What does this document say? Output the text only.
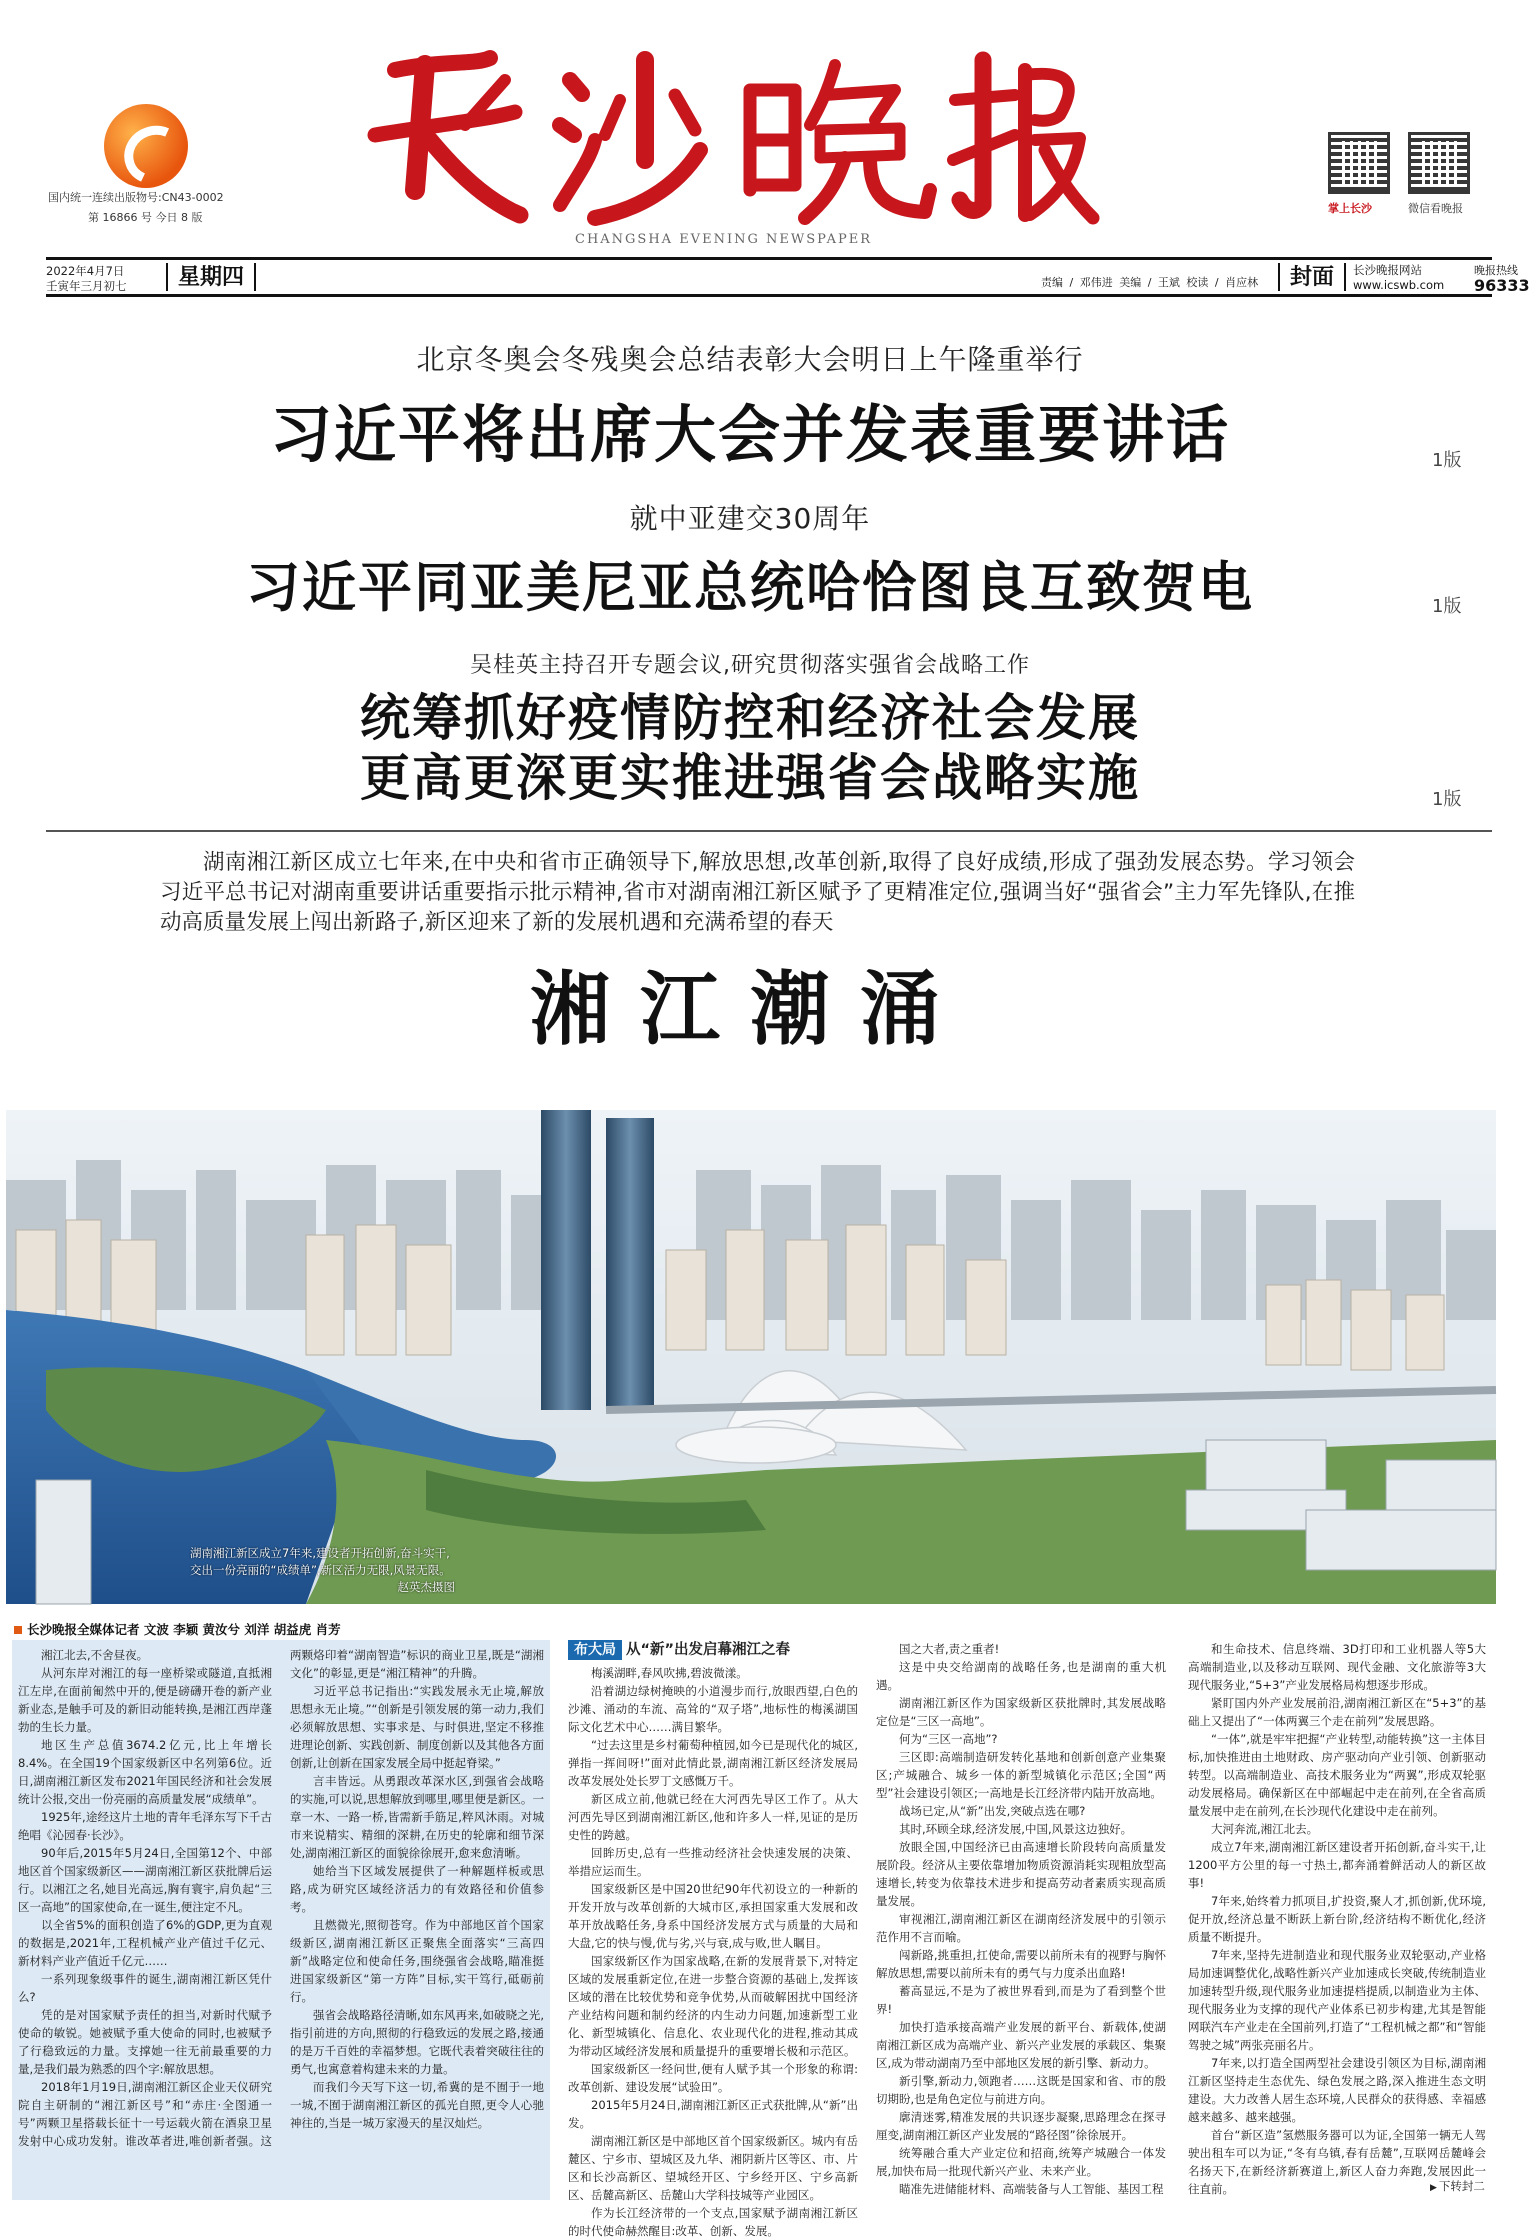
国内统一连续出版物号:CN43-0002
第 16866 号 今日 8 版
CHANGSHA EVENING NEWSPAPER
掌上长沙	微信看晚报
2022年4月7日
壬寅年三月初七	星期四	责编 / 邓伟进 美编 / 王斌 校读 / 肖应林	封面	长沙晚报网站
www.icswb.com
晚报热线
96333
北京冬奥会冬残奥会总结表彰大会明日上午隆重举行
习近平将出席大会并发表重要讲话	1版
就中亚建交30周年
习近平同亚美尼亚总统哈恰图良互致贺电	1版
吴桂英主持召开专题会议,研究贯彻落实强省会战略工作
统筹抓好疫情防控和经济社会发展
更高更深更实推进强省会战略实施	1版
湖南湘江新区成立七年来,在中央和省市正确领导下,解放思想,改革创新,取得了良好成绩,形成了强劲发展态势。学习领会习近平总书记对湖南重要讲话重要指示批示精神,省市对湖南湘江新区赋予了更精准定位,强调当好“强省会”主力军先锋队,在推动高质量发展上闯出新路子,新区迎来了新的发展机遇和充满希望的春天
湘江潮涌
湖南湘江新区成立7年来,建设者开拓创新,奋斗实干,交出一份亮丽的“成绩单”,新区活力无限,风景无限。
赵英杰摄图
长沙晚报全媒体记者 文波 李颖 黄汝兮 刘洋 胡益虎 肖芳

湘江北去,不舍昼夜。

从河东岸对湘江的每一座桥梁或隧道,直抵湘江左岸,在面前匍然中开的,便是磅礴开卷的新产业新业态,是触手可及的新旧动能转换,是湘江西岸蓬勃的生长力量。

地区生产总值3674.2亿元,比上年增长8.4%。在全国19个国家级新区中名列第6位。近日,湖南湘江新区发布2021年国民经济和社会发展统计公报,交出一份亮丽的高质量发展“成绩单”。

1925年,途经这片土地的青年毛泽东写下千古绝唱《沁园春·长沙》。

90年后,2015年5月24日,全国第12个、中部地区首个国家级新区——湖南湘江新区获批牌后运行。以湘江之名,她目光高远,胸有寰宇,肩负起“三区一高地”的国家使命,在一诞生,便注定不凡。

以全省5%的面积创造了6%的GDP,更为直观的数据是,2021年,工程机械产业产值过千亿元、新材料产业产值近千亿元……

一系列现象级事件的诞生,湖南湘江新区凭什么?

凭的是对国家赋予责任的担当,对新时代赋予使命的敏锐。她被赋予重大使命的同时,也被赋予了行稳致远的力量。支撑她一往无前最重要的力量,是我们最为熟悉的四个字:解放思想。

2018年1月19日,湖南湘江新区企业天仪研究院自主研制的“湘江新区号”和“赤庄·全图通一号”两颗卫星搭载长征十一号运载火箭在酒泉卫星发射中心成功发射。谁改革者进,唯创新者强。这两颗烙印着“湖南智造”标识的商业卫星,既是“湖湘文化”的彰显,更是“湘江精神”的升腾。

习近平总书记指出:“实践发展永无止境,解放思想永无止境。”“创新是引领发展的第一动力,我们必须解放思想、实事求是、与时俱进,坚定不移推进理论创新、实践创新、制度创新以及其他各方面创新,让创新在国家发展全局中挺起脊梁。”

言丰皆远。从勇跟改革深水区,到强省会战略的实施,可以说,思想解放到哪里,哪里便是新区。一章一木、一路一桥,皆需新手筋足,粹风沐雨。对城市来说精实、精细的深耕,在历史的轮廓和细节深处,湖南湘江新区的面貌徐徐展开,愈来愈清晰。

她给当下区域发展提供了一种解题样板或思路,成为研究区域经济活力的有效路径和价值参考。

且燃微光,照彻苍穹。作为中部地区首个国家级新区,湖南湘江新区正聚焦全面落实“三高四新”战略定位和使命任务,围绕强省会战略,瞄准挺进国家级新区“第一方阵”目标,实干笃行,砥砺前行。

强省会战略路径清晰,如东风再来,如破晓之光,指引前进的方向,照彻的行稳致远的发展之路,接通的是万千百姓的幸福梦想。它既代表着突破往往的勇气,也寓意着构建未来的力量。

而我们今天写下这一切,希冀的是不囿于一地一城,不囿于湖南湘江新区的孤光自照,更令人心驰神往的,当是一城万家漫天的星汉灿烂。

布大局 从“新”出发启幕湘江之春

梅溪湖畔,春风吹拂,碧波微漾。

沿着湖边绿树掩映的小道漫步而行,放眼西望,白色的沙滩、涌动的车流、高耸的“双子塔”,地标性的梅溪湖国际文化艺术中心……满目繁华。

“过去这里是乡村葡萄种植园,如今已是现代化的城区,弹指一挥间呀!”面对此情此景,湖南湘江新区经济发展局改革发展处处长罗丁文感慨万千。

新区成立前,他就已经在大河西先导区工作了。从大河西先导区到湖南湘江新区,他和许多人一样,见证的是历史性的跨越。

回眸历史,总有一些推动经济社会快速发展的决策、举措应运而生。

国家级新区是中国20世纪90年代初设立的一种新的开发开放与改革创新的大城市区,承担国家重大发展和改革开放战略任务,身系中国经济发展方式与质量的大局和大盘,它的快与慢,优与劣,兴与衰,成与败,世人瞩目。

国家级新区作为国家战略,在新的发展背景下,对特定区域的发展重新定位,在进一步整合资源的基础上,发挥该区域的潜在比较优势和竞争优势,从而破解困扰中国经济产业结构问题和制约经济的内生动力问题,加速新型工业化、新型城镇化、信息化、农业现代化的进程,推动其成为带动区域经济发展和质量提升的重要增长极和示范区。

国家级新区一经问世,便有人赋予其一个形象的称谓:改革创新、建设发展“试验田”。

2015年5月24日,湖南湘江新区正式获批牌,从“新”出发。

湖南湘江新区是中部地区首个国家级新区。城内有岳麓区、宁乡市、望城区及九华、湘阴新片区等区、市、片区和长沙高新区、望城经开区、宁乡经开区、宁乡高新区、岳麓高新区、岳麓山大学科技城等产业园区。

作为长江经济带的一个支点,国家赋予湖南湘江新区的时代使命赫然醒目:改革、创新、发展。

国之大者,责之重者!

这是中央交给湖南的战略任务,也是湖南的重大机遇。

湖南湘江新区作为国家级新区获批牌时,其发展战略定位是“三区一高地”。

何为“三区一高地”?

三区即:高端制造研发转化基地和创新创意产业集聚区;产城融合、城乡一体的新型城镇化示范区;全国“两型”社会建设引领区;一高地是长江经济带内陆开放高地。

战场已定,从“新”出发,突破点选在哪?

其时,环顾全球,经济发展,中国,风景这边独好。

放眼全国,中国经济已由高速增长阶段转向高质量发展阶段。经济从主要依靠增加物质资源消耗实现粗放型高速增长,转变为依靠技术进步和提高劳动者素质实现高质量发展。

审视湘江,湖南湘江新区在湖南经济发展中的引领示范作用不言而喻。

闯新路,挑重担,扛使命,需要以前所未有的视野与胸怀解放思想,需要以前所未有的勇气与力度杀出血路!

蓄高显远,不是为了被世界看到,而是为了看到整个世界!

加快打造承接高端产业发展的新平台、新载体,使湖南湘江新区成为高端产业、新兴产业发展的承载区、集聚区,成为带动湖南乃至中部地区发展的新引擎、新动力。

新引擎,新动力,领跑者……这既是国家和省、市的殷切期盼,也是角色定位与前进方向。

廓清迷雾,精准发展的共识逐步凝聚,思路理念在探寻厘变,湖南湘江新区产业发展的“路径图”徐徐展开。

统筹融合重大产业定位和招商,统筹产城融合一体发展,加快布局一批现代新兴产业、未来产业。

瞄准先进储能材料、高端装备与人工智能、基因工程

和生命技术、信息终端、3D打印和工业机器人等5大高端制造业,以及移动互联网、现代金融、文化旅游等3大现代服务业,“5+3”产业发展格局构想逐步形成。

紧盯国内外产业发展前沿,湖南湘江新区在“5+3”的基础上又提出了“一体两翼三个走在前列”发展思路。

“一体”,就是牢牢把握“产业转型,动能转换”这一主体目标,加快推进由土地财政、房产驱动向产业引领、创新驱动转型。以高端制造业、高技术服务业为“两翼”,形成双轮驱动发展格局。确保新区在中部崛起中走在前列,在全省高质量发展中走在前列,在长沙现代化建设中走在前列。

大河奔流,湘江北去。

成立7年来,湖南湘江新区建设者开拓创新,奋斗实干,让1200平方公里的每一寸热土,都奔涌着鲜活动人的新区故事!

7年来,始终着力抓项目,扩投资,聚人才,抓创新,优环境,促开放,经济总量不断跃上新台阶,经济结构不断优化,经济质量不断提升。

7年来,坚持先进制造业和现代服务业双轮驱动,产业格局加速调整优化,战略性新兴产业加速成长突破,传统制造业加速转型升级,现代服务业加速提档提质,以制造业为主体、现代服务业为支撑的现代产业体系已初步构建,尤其是智能网联汽车产业走在全国前列,打造了“工程机械之都”和“智能驾驶之城”两张亮丽名片。

7年来,以打造全国两型社会建设引领区为目标,湖南湘江新区坚持走生态优先、绿色发展之路,深入推进生态文明建设。大力改善人居生态环境,人民群众的获得感、幸福感越来越多、越来越强。

首台“新区造”氢燃服务器可以为证,全国第一辆无人驾驶出租车可以为证,“冬有乌镇,春有岳麓”,互联网岳麓峰会名扬天下,在新经济新赛道上,新区人奋力奔跑,发展因此一往直前。

▶	下转封二
